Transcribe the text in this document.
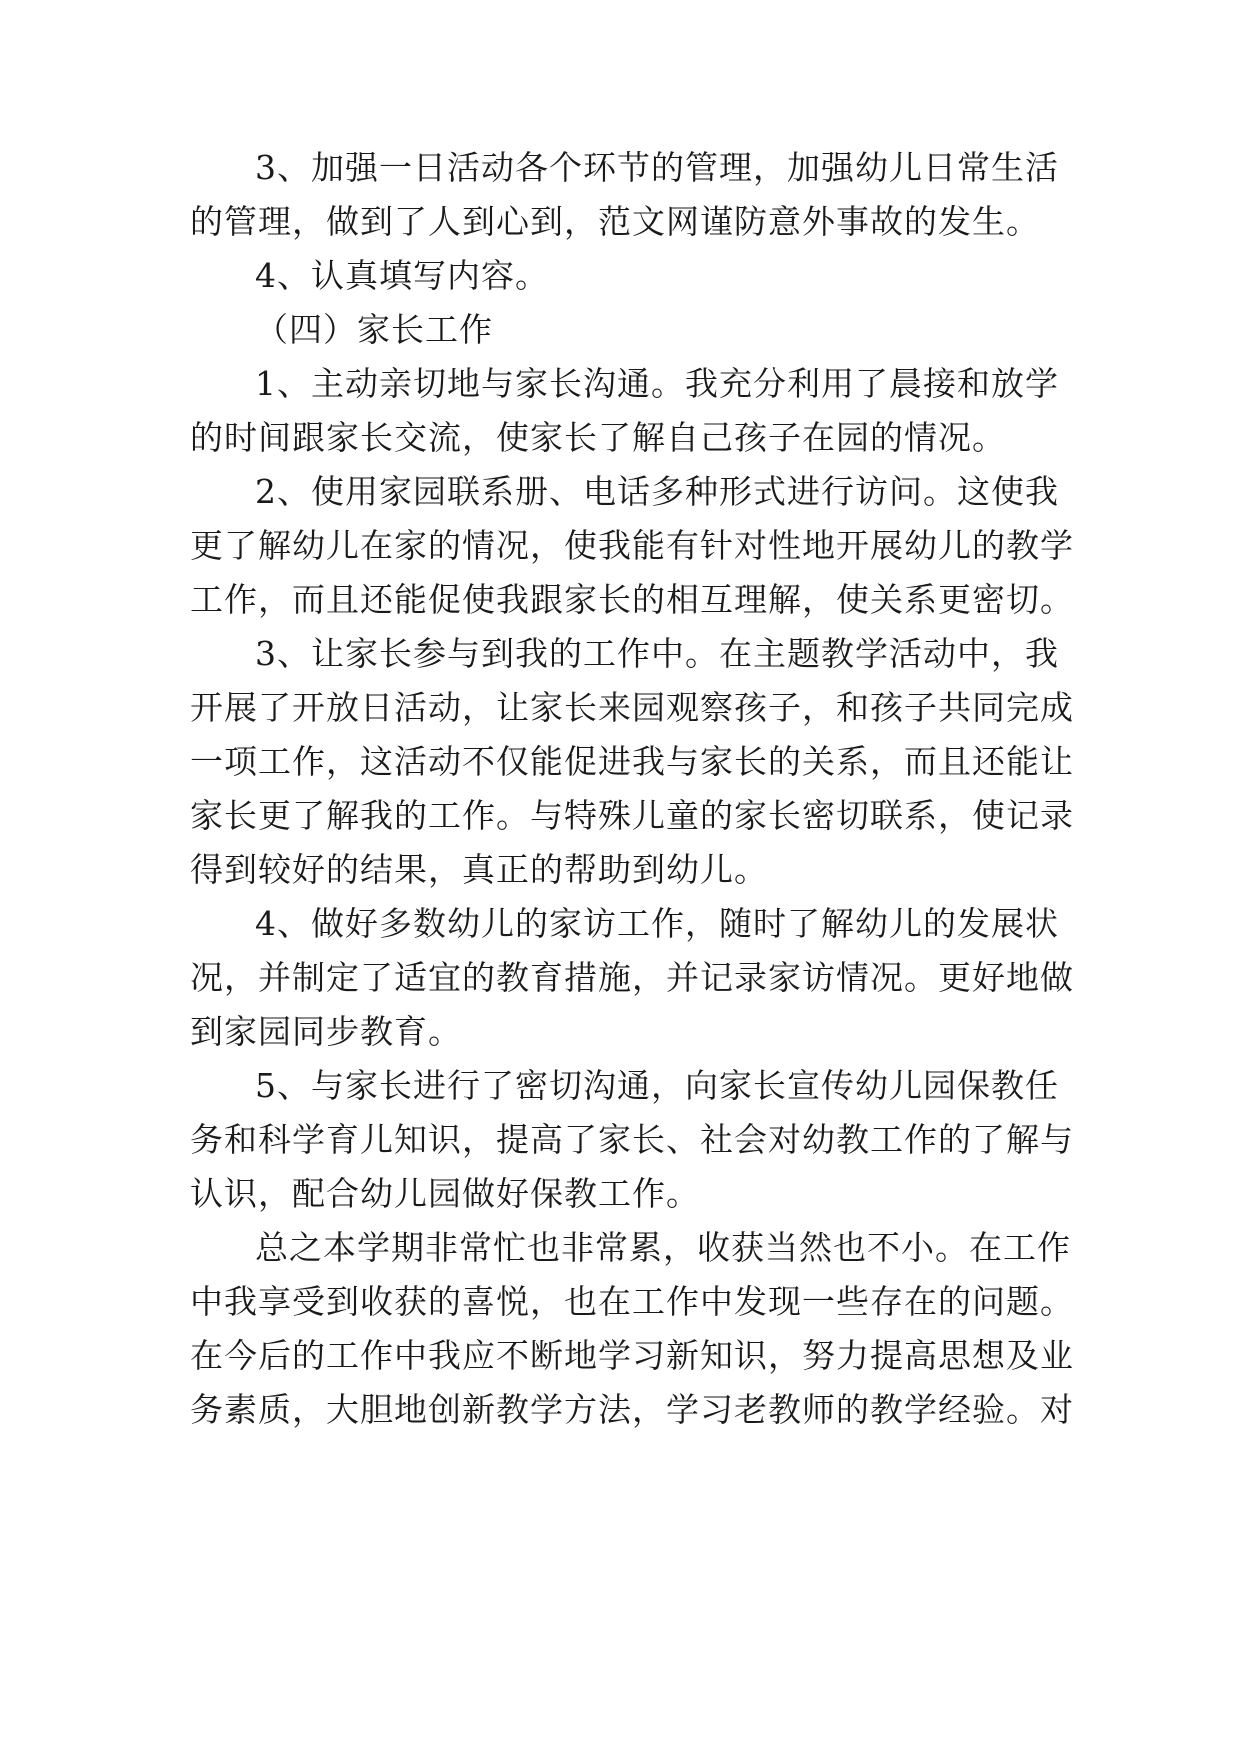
3、加强一日活动各个环节的管理，加强幼儿日常生活
的管理，做到了人到心到，范文网谨防意外事故的发生。
4、认真填写内容。
（四）家长工作
1、主动亲切地与家长沟通。我充分利用了晨接和放学
的时间跟家长交流，使家长了解自己孩子在园的情况。
2、使用家园联系册、电话多种形式进行访问。这使我
更了解幼儿在家的情况，使我能有针对性地开展幼儿的教学
工作，而且还能促使我跟家长的相互理解，使关系更密切。
3、让家长参与到我的工作中。在主题教学活动中，我
开展了开放日活动，让家长来园观察孩子，和孩子共同完成
一项工作，这活动不仅能促进我与家长的关系，而且还能让
家长更了解我的工作。与特殊儿童的家长密切联系，使记录
得到较好的结果，真正的帮助到幼儿。
4、做好多数幼儿的家访工作，随时了解幼儿的发展状
况，并制定了适宜的教育措施，并记录家访情况。更好地做
到家园同步教育。
5、与家长进行了密切沟通，向家长宣传幼儿园保教任
务和科学育儿知识，提高了家长、社会对幼教工作的了解与
认识，配合幼儿园做好保教工作。
总之本学期非常忙也非常累，收获当然也不小。在工作
中我享受到收获的喜悦，也在工作中发现一些存在的问题。
在今后的工作中我应不断地学习新知识，努力提高思想及业
务素质，大胆地创新教学方法，学习老教师的教学经验。对
